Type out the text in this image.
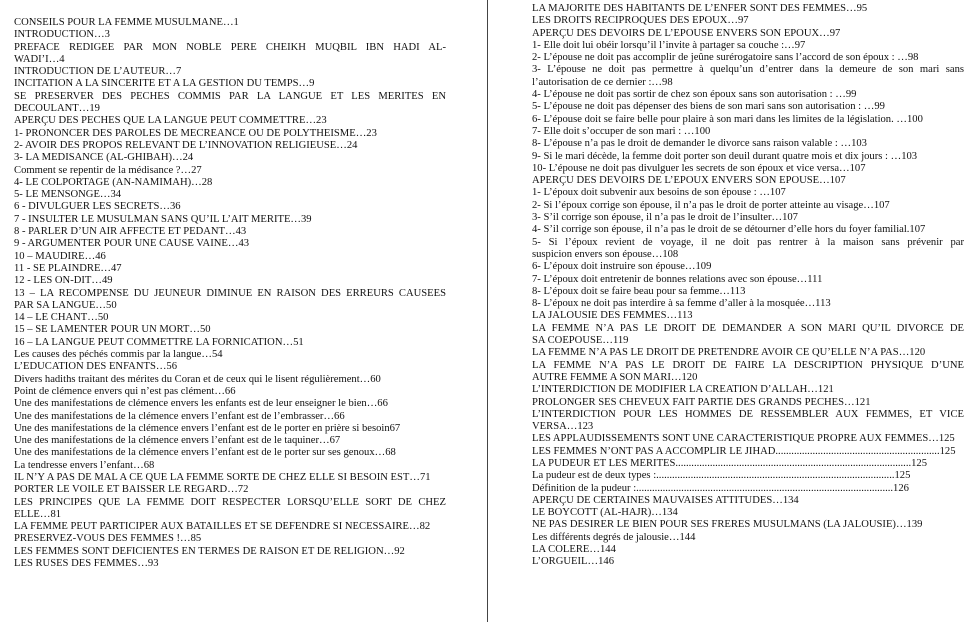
CONSEILS POUR LA FEMME MUSULMANE…1
INTRODUCTION…3
PREFACE REDIGEE PAR MON NOBLE PERE CHEIKH MUQBIL IBN HADI AL-
WADI’I…4
INTRODUCTION DE L’AUTEUR…7
INCITATION A LA SINCERITE ET A LA GESTION DU TEMPS…9
SE PRESERVER DES PECHES COMMIS PAR LA LANGUE ET LES MERITES EN
DECOULANT…19
APERÇU DES PECHES QUE LA LANGUE PEUT COMMETTRE…23
1- PRONONCER DES PAROLES DE MECREANCE OU DE POLYTHEISME…23
2- AVOIR DES PROPOS RELEVANT DE L’INNOVATION RELIGIEUSE…24
3- LA MEDISANCE (AL-GHIBAH)…24
Comment se repentir de la médisance ?…27
4- LE COLPORTAGE (AN-NAMIMAH)…28
5- LE MENSONGE…34
6 - DIVULGUER LES SECRETS…36
7 - INSULTER LE MUSULMAN SANS QU’IL L’AIT MERITE…39
8 - PARLER D’UN AIR AFFECTE ET PEDANT…43
9 - ARGUMENTER POUR UNE CAUSE VAINE…43
10 – MAUDIRE…46
11 - SE PLAINDRE…47
12 - LES ON-DIT…49
13 – LA RECOMPENSE DU JEUNEUR DIMINUE EN RAISON DES ERREURS CAUSEES
PAR SA LANGUE…50
14 – LE CHANT…50
15 – SE LAMENTER POUR UN MORT…50
16 – LA LANGUE PEUT COMMETTRE LA FORNICATION…51
Les causes des péchés commis par la langue…54
L’EDUCATION DES ENFANTS…56
Divers hadiths traitant des mérites du Coran et de ceux qui le lisent régulièrement…60
Point de clémence envers qui n’est pas clément…66
Une des manifestations de clémence envers les enfants est de leur enseigner le bien…66
Une des manifestations de la clémence envers l’enfant est de l’embrasser…66
Une des manifestations de la clémence envers l’enfant est de le porter en prière si besoin67
Une des manifestations de la clémence envers l’enfant est de le taquiner…67
Une des manifestations de la clémence envers l’enfant est de le porter sur ses genoux…68
La tendresse envers l’enfant…68
IL N’Y A PAS DE MAL A CE QUE LA FEMME SORTE DE CHEZ ELLE SI BESOIN EST…71
PORTER LE VOILE ET BAISSER LE REGARD…72
LES PRINCIPES QUE LA FEMME DOIT RESPECTER LORSQU’ELLE SORT DE CHEZ
ELLE…81
LA FEMME PEUT PARTICIPER AUX BATAILLES ET SE DEFENDRE SI NECESSAIRE…82
PRESERVEZ-VOUS DES FEMMES !…85
LES FEMMES SONT DEFICIENTES EN TERMES DE RAISON ET DE RELIGION…92
LES RUSES DES FEMMES…93
LA MAJORITE DES HABITANTS DE L’ENFER SONT DES FEMMES…95
LES DROITS RECIPROQUES DES EPOUX…97
APERÇU DES DEVOIRS DE L’EPOUSE ENVERS SON EPOUX…97
1- Elle doit lui obéir lorsqu’il l’invite à partager sa couche :…97
2- L’épouse ne doit pas accomplir de jeûne surérogatoire sans l’accord de son époux : …98
3- L’épouse ne doit pas permettre à quelqu’un d’entrer dans la demeure de son mari sans
l’autorisation de ce dernier :…98
4- L’épouse ne doit pas sortir de chez son époux sans son autorisation : …99
5- L’épouse ne doit pas dépenser des biens de son mari sans son autorisation : …99
6- L’épouse doit se faire belle pour plaire à son mari dans les limites de la législation. …100
7- Elle doit s’occuper de son mari : …100
8- L’épouse n’a pas le droit de demander le divorce sans raison valable : …103
9- Si le mari décède, la femme doit porter son deuil durant quatre mois et dix jours : …103
10- L’épouse ne doit pas divulguer les secrets de son époux et vice versa…107
APERÇU DES DEVOIRS DE L’EPOUX ENVERS SON EPOUSE…107
1- L’époux doit subvenir aux besoins de son épouse : …107
2- Si l’époux corrige son épouse, il n’a pas le droit de porter atteinte au visage…107
3- S’il corrige son épouse, il n’a pas le droit de l’insulter…107
4- S’il corrige son épouse, il n’a pas le droit de se détourner d’elle hors du foyer familial.107
5- Si l’époux revient de voyage, il ne doit pas rentrer à la maison sans prévenir par
suspicion envers son épouse…108
6- L’époux doit instruire son épouse…109
7- L’époux doit entretenir de bonnes relations avec son épouse…111
8- L’époux doit se faire beau pour sa femme…113
8- L’époux ne doit pas interdire à sa femme d’aller à la mosquée…113
LA JALOUSIE DES FEMMES…113
LA FEMME N’A PAS LE DROIT DE DEMANDER A SON MARI QU’IL DIVORCE DE
SA COEPOUSE…119
LA FEMME N’A PAS LE DROIT DE PRETENDRE AVOIR CE QU’ELLE N’A PAS…120
LA FEMME N’A PAS LE DROIT DE FAIRE LA DESCRIPTION PHYSIQUE D’UNE
AUTRE FEMME A SON MARI…120
L’INTERDICTION DE MODIFIER LA CREATION D’ALLAH…121
PROLONGER SES CHEVEUX FAIT PARTIE DES GRANDS PECHES…121
L’INTERDICTION POUR LES HOMMES DE RESSEMBLER AUX FEMMES, ET VICE
VERSA…123
LES APPLAUDISSEMENTS SONT UNE CARACTERISTIQUE PROPRE AUX FEMMES…125
LES FEMMES N’ONT PAS A ACCOMPLIR LE JIHAD..............................................................125
LA PUDEUR ET LES MERITES.........................................................................................125
La pudeur est de deux types :..........................................................................................125
Définition de la pudeur :.................................................................................................126
APERÇU DE CERTAINES MAUVAISES ATTITUDES…134
LE BOYCOTT (AL-HAJR)…134
NE PAS DESIRER LE BIEN POUR SES FRERES MUSULMANS (LA JALOUSIE)…139
Les différents degrés de jalousie…144
LA COLERE…144
L’ORGUEIL…146
